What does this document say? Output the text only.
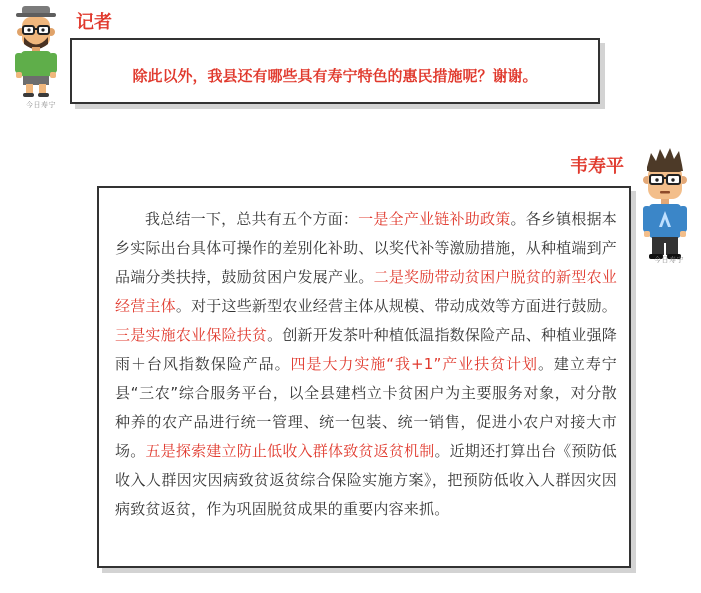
今日寿宁
记者
除此以外，我县还有哪些具有寿宁特色的惠民措施呢？谢谢。
韦寿平
今日寿宁
我总结一下，总共有五个方面：一是全产业链补助政策。各乡镇根据本乡实际出台具体可操作的差别化补助、以奖代补等激励措施，从种植端到产品端分类扶持，鼓励贫困户发展产业。二是奖励带动贫困户脱贫的新型农业经营主体。对于这些新型农业经营主体从规模、带动成效等方面进行鼓励。三是实施农业保险扶贫。创新开发茶叶种植低温指数保险产品、种植业强降雨＋台风指数保险产品。四是大力实施“我+1”产业扶贫计划。建立寿宁县“三农”综合服务平台，以全县建档立卡贫困户为主要服务对象，对分散种养的农产品进行统一管理、统一包装、统一销售，促进小农户对接大市场。五是探索建立防止低收入群体致贫返贫机制。近期还打算出台《预防低收入人群因灾因病致贫返贫综合保险实施方案》，把预防低收入人群因灾因病致贫返贫，作为巩固脱贫成果的重要内容来抓。
